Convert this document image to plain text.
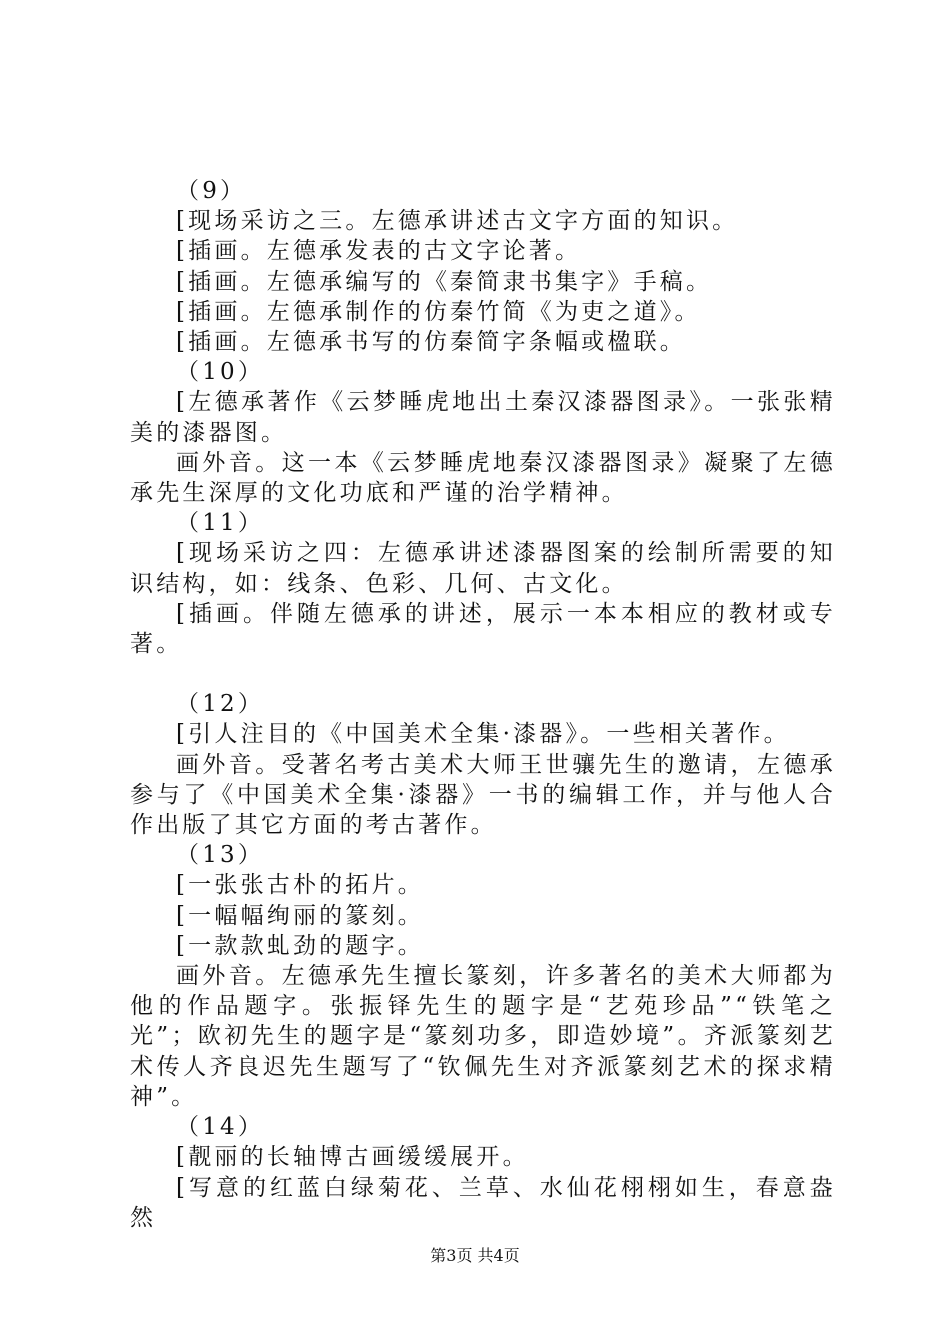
（9）

[现场采访之三。左德承讲述古文字方面的知识。

[插画。左德承发表的古文字论著。

[插画。左德承编写的《秦简隶书集字》手稿。

[插画。左德承制作的仿秦竹简《为吏之道》。

[插画。左德承书写的仿秦简字条幅或楹联。

（10）

[左德承著作《云梦睡虎地出土秦汉漆器图录》。一张张精美的漆器图。

画外音。这一本《云梦睡虎地秦汉漆器图录》凝聚了左德承先生深厚的文化功底和严谨的治学精神。

（11）

[现场采访之四：左德承讲述漆器图案的绘制所需要的知识结构，如：线条、色彩、几何、古文化。

[插画。伴随左德承的讲述，展示一本本相应的教材或专著。

（12）

[引人注目的《中国美术全集·漆器》。一些相关著作。

画外音。受著名考古美术大师王世骧先生的邀请，左德承参与了《中国美术全集·漆器》一书的编辑工作，并与他人合作出版了其它方面的考古著作。

（13）

[一张张古朴的拓片。

[一幅幅绚丽的篆刻。

[一款款虬劲的题字。

画外音。左德承先生擅长篆刻，许多著名的美术大师都为他的作品题字。张振铎先生的题字是“艺苑珍品”“铁笔之光”；欧初先生的题字是“篆刻功多，即造妙境”。齐派篆刻艺术传人齐良迟先生题写了“钦佩先生对齐派篆刻艺术的探求精神”。

（14）

[靓丽的长轴博古画缓缓展开。

[写意的红蓝白绿菊花、兰草、水仙花栩栩如生，春意盎然

第3页 共4页
